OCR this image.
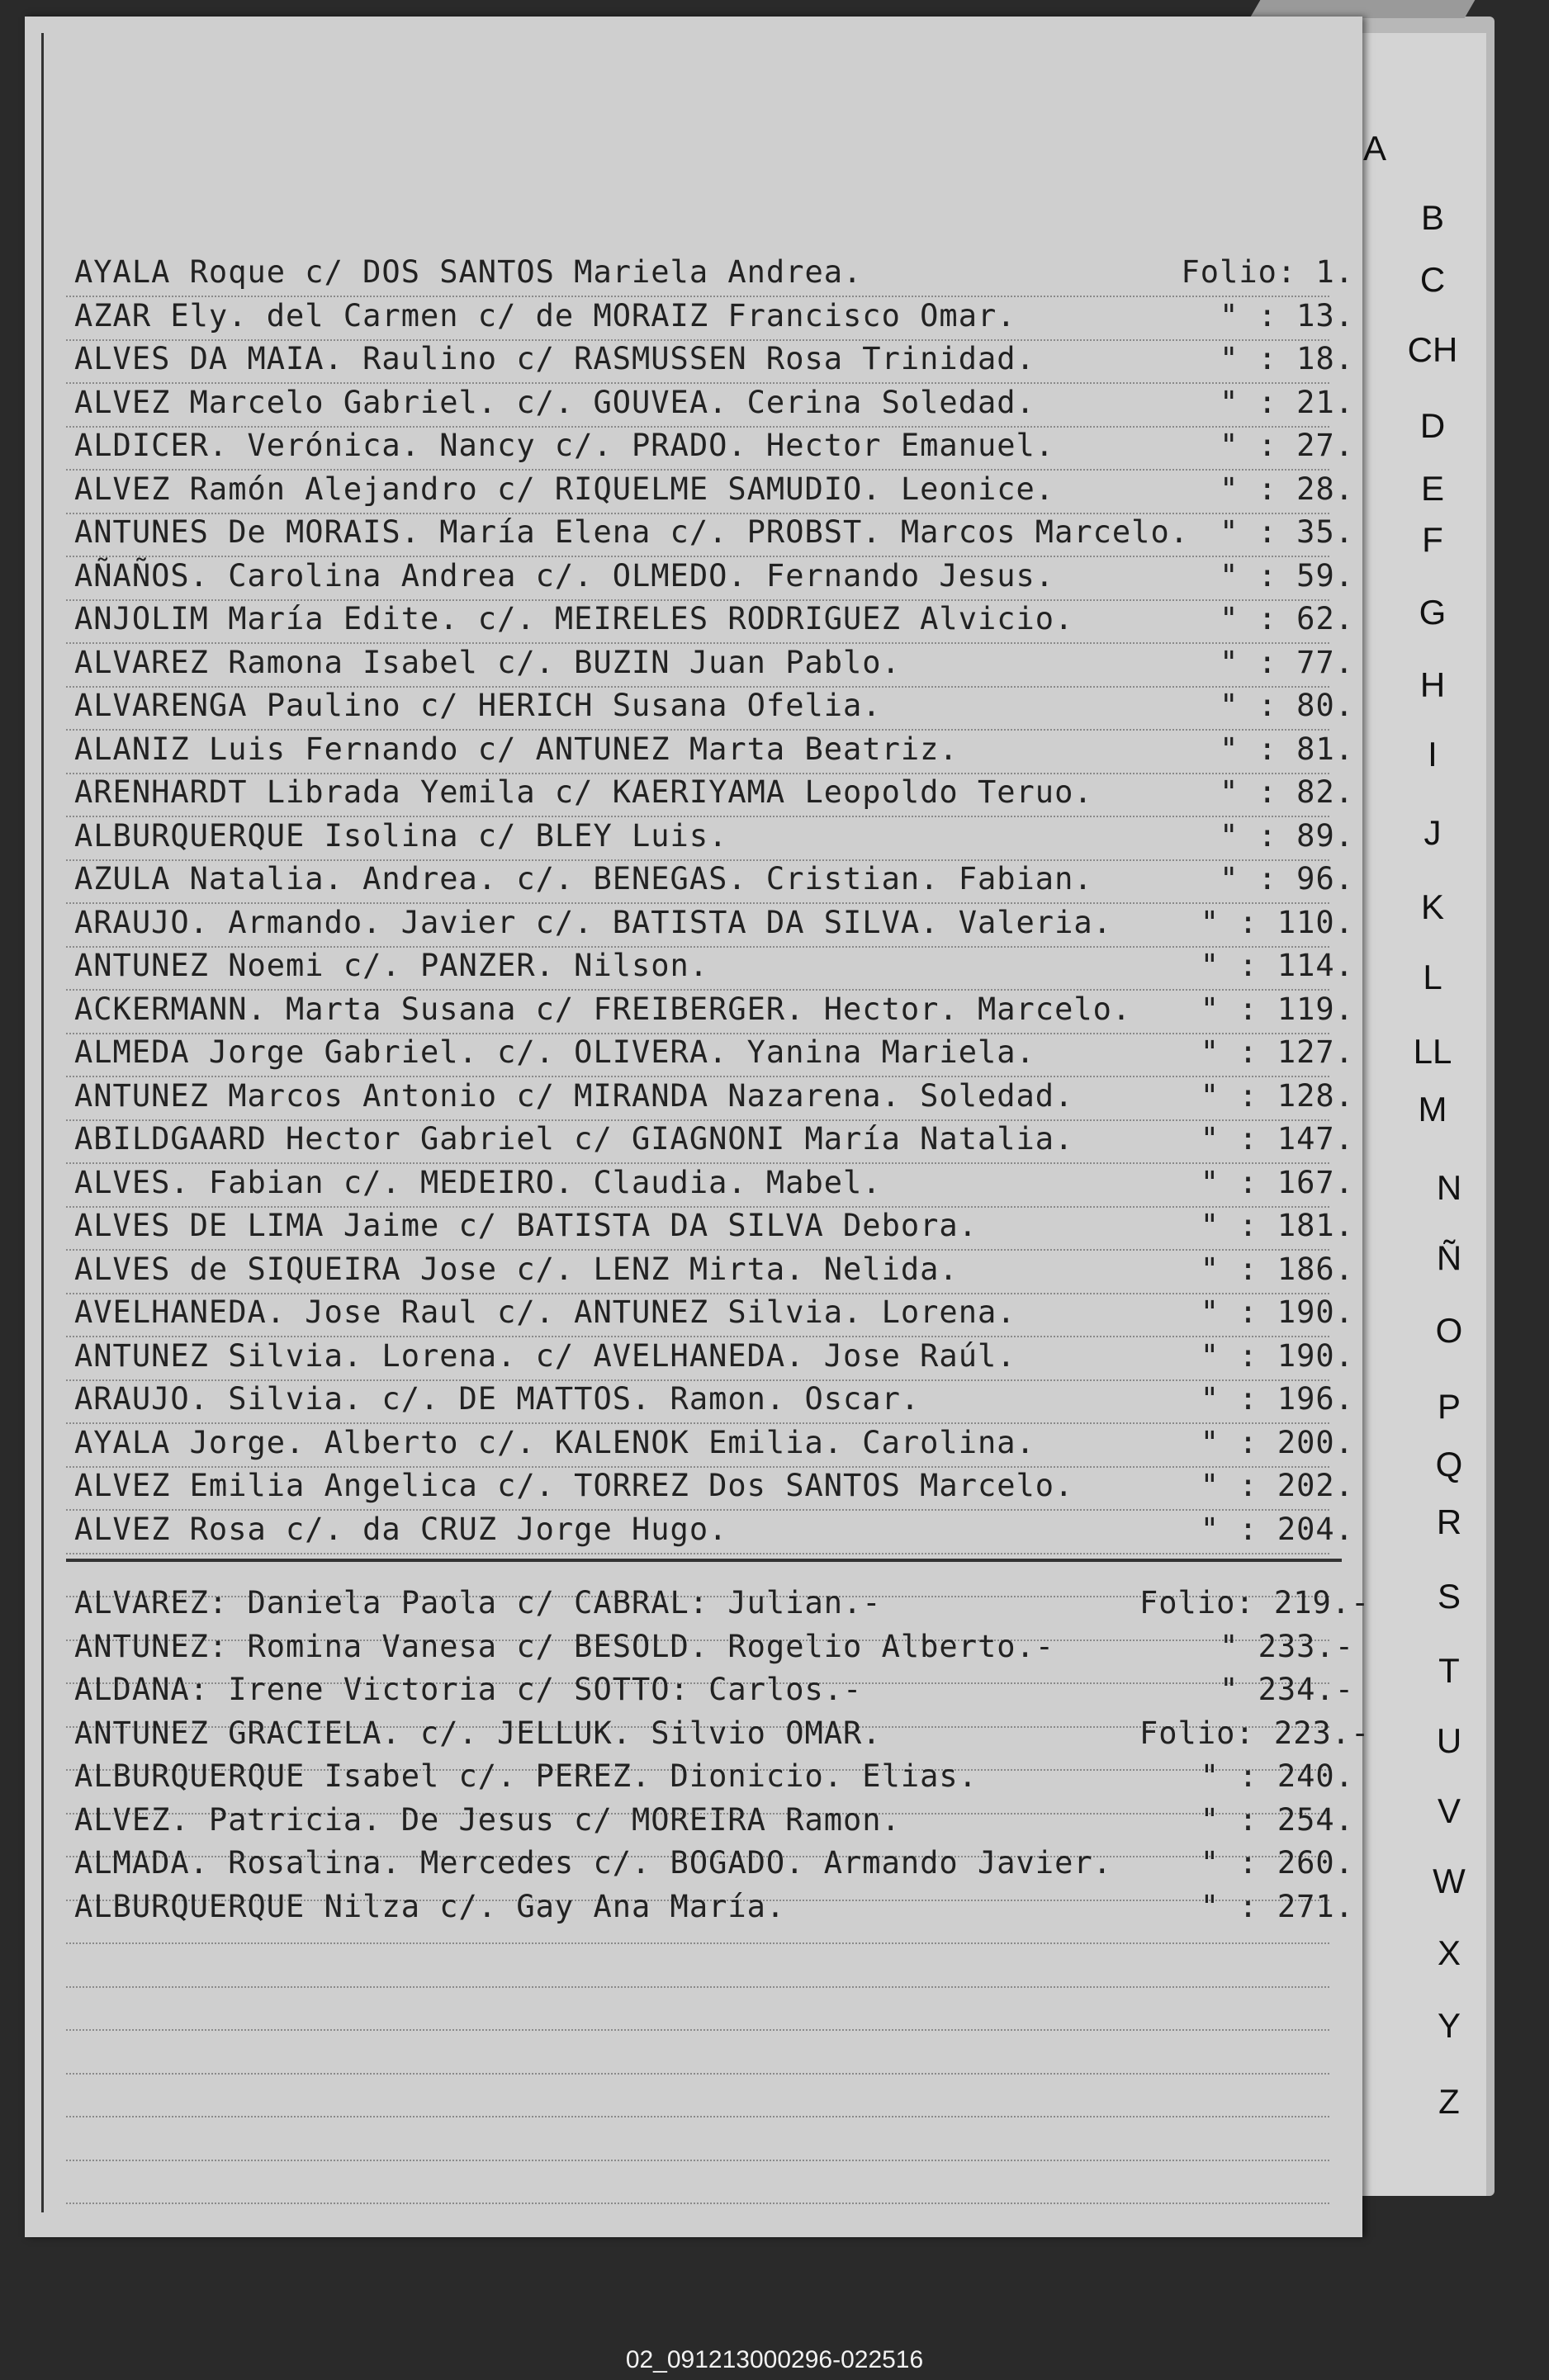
A
B
C
CH
D
E
F
G
H
I
J
K
L
LL
M
N
Ñ
O
P
Q
R
S
T
U
V
W
X
Y
Z
AYALA Roque c/ DOS SANTOS Mariela Andrea.	Folio: 1.
AZAR Ely. del Carmen c/ de MORAIZ Francisco Omar.	" : 13.
ALVES DA MAIA. Raulino c/ RASMUSSEN Rosa Trinidad.	" : 18.
ALVEZ Marcelo Gabriel. c/. GOUVEA. Cerina Soledad.	" : 21.
ALDICER. Verónica. Nancy c/. PRADO. Hector Emanuel.	" : 27.
ALVEZ Ramón Alejandro c/ RIQUELME SAMUDIO. Leonice.	" : 28.
ANTUNES De MORAIS. María Elena c/. PROBST. Marcos Marcelo.	" : 35.
AÑAÑOS. Carolina Andrea c/. OLMEDO. Fernando Jesus.	" : 59.
ANJOLIM María Edite. c/. MEIRELES RODRIGUEZ Alvicio.	" : 62.
ALVAREZ Ramona Isabel c/. BUZIN Juan Pablo.	" : 77.
ALVARENGA Paulino c/ HERICH Susana Ofelia.	" : 80.
ALANIZ Luis Fernando c/ ANTUNEZ Marta Beatriz.	" : 81.
ARENHARDT Librada Yemila c/ KAERIYAMA Leopoldo Teruo.	" : 82.
ALBURQUERQUE Isolina c/ BLEY Luis.	" : 89.
AZULA Natalia. Andrea. c/. BENEGAS. Cristian. Fabian.	" : 96.
ARAUJO. Armando. Javier c/. BATISTA DA SILVA. Valeria.	" : 110.
ANTUNEZ Noemi c/. PANZER. Nilson.	" : 114.
ACKERMANN. Marta Susana c/ FREIBERGER. Hector. Marcelo.	" : 119.
ALMEDA Jorge Gabriel. c/. OLIVERA. Yanina Mariela.	" : 127.
ANTUNEZ Marcos Antonio c/ MIRANDA Nazarena. Soledad.	" : 128.
ABILDGAARD Hector Gabriel c/ GIAGNONI María Natalia.	" : 147.
ALVES. Fabian c/. MEDEIRO. Claudia. Mabel.	" : 167.
ALVES DE LIMA Jaime c/ BATISTA DA SILVA Debora.	" : 181.
ALVES de SIQUEIRA Jose c/. LENZ Mirta. Nelida.	" : 186.
AVELHANEDA. Jose Raul c/. ANTUNEZ Silvia. Lorena.	" : 190.
ANTUNEZ Silvia. Lorena. c/ AVELHANEDA. Jose Raúl.	" : 190.
ARAUJO. Silvia. c/. DE MATTOS. Ramon. Oscar.	" : 196.
AYALA Jorge. Alberto c/. KALENOK Emilia. Carolina.	" : 200.
ALVEZ Emilia Angelica c/. TORREZ Dos SANTOS Marcelo.	" : 202.
ALVEZ Rosa c/. da CRUZ Jorge Hugo.	" : 204.
ALVAREZ: Daniela Paola c/ CABRAL: Julian.-	Folio: 219.-
ANTUNEZ: Romina Vanesa c/ BESOLD. Rogelio Alberto.-	" 233.-
ALDANA: Irene Victoria c/ SOTTO: Carlos.-	" 234.-
ANTUNEZ GRACIELA. c/. JELLUK. Silvio OMAR.	Folio: 223.-
ALBURQUERQUE Isabel c/. PEREZ. Dionicio. Elias.	" : 240.
ALVEZ. Patricia. De Jesus c/ MOREIRA Ramon.	" : 254.
ALMADA. Rosalina. Mercedes c/. BOGADO. Armando Javier.	" : 260.
ALBURQUERQUE Nilza c/. Gay Ana María.	" : 271.
02_091213000296-022516
